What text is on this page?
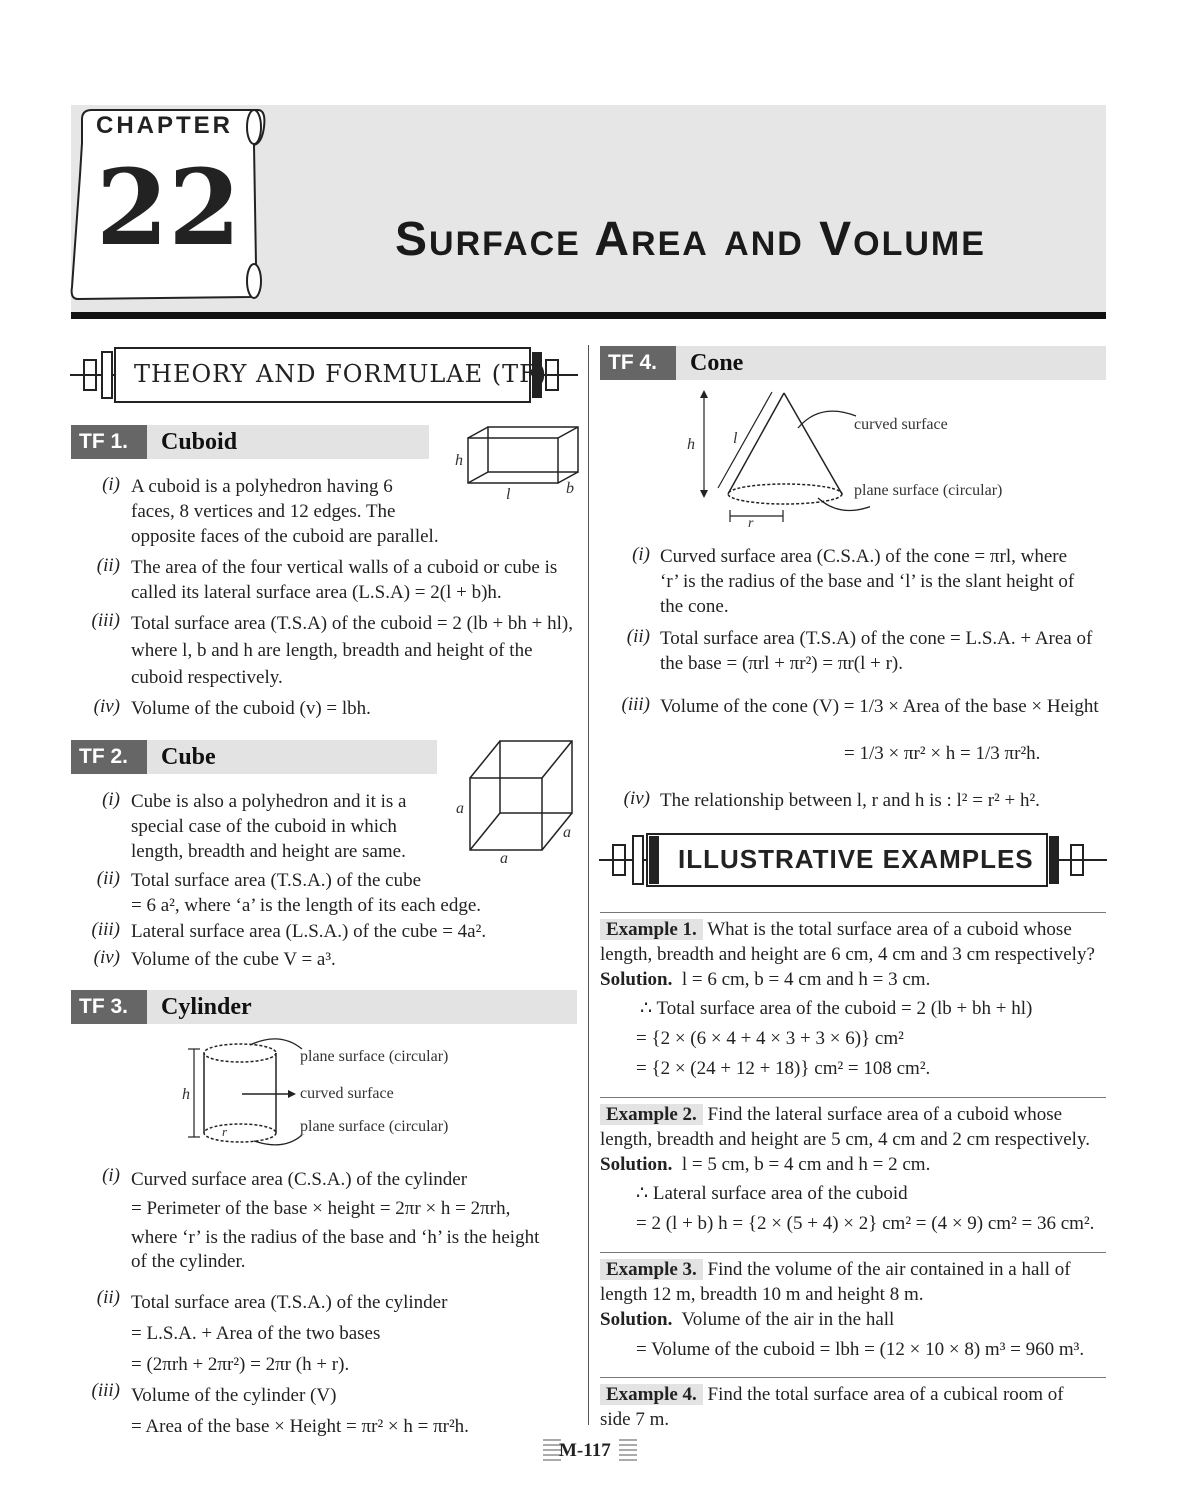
CHAPTER
22	Surface Area and Volume
THEORY AND FORMULAE (TF)
TF 1.	Cuboid
h
l	b
(i) A cuboid is a polyhedron having 6
faces, 8 vertices and 12 edges. The
opposite faces of the cuboid are parallel.
(ii) The area of the four vertical walls of a cuboid or cube is
called its lateral surface area (L.S.A) = 2(l + b)h.
(iii) Total surface area (T.S.A) of the cuboid = 2 (lb + bh + hl),
where l, b and h are length, breadth and height of the
cuboid respectively.
(iv) Volume of the cuboid (v) = lbh.
TF 2.	Cube
a
a
a
(i) Cube is also a polyhedron and it is a
special case of the cuboid in which
length, breadth and height are same.
(ii) Total surface area (T.S.A.) of the cube
= 6 a², where ‘a’ is the length of its each edge.
(iii) Lateral surface area (L.S.A.) of the cube = 4a².
(iv) Volume of the cube V = a³.
TF 3.	Cylinder
h
r
plane surface (circular)
curved surface
plane surface (circular)
(i) Curved surface area (C.S.A.) of the cylinder
= Perimeter of the base × height = 2πr × h = 2πrh,
where ‘r’ is the radius of the base and ‘h’ is the height
of the cylinder.
(ii) Total surface area (T.S.A.) of the cylinder
= L.S.A. + Area of the two bases
= (2πrh + 2πr²) = 2πr (h + r).
(iii) Volume of the cylinder (V)
= Area of the base × Height = πr² × h = πr²h.
TF 4.	Cone
h l
r
curved surface
plane surface (circular)
(i) Curved surface area (C.S.A.) of the cone = πrl, where
‘r’ is the radius of the base and ‘l’ is the slant height of
the cone.
(ii) Total surface area (T.S.A) of the cone = L.S.A. + Area of
the base = (πrl + πr²) = πr(l + r).
(iii) Volume of the cone (V) = 1/3 × Area of the base × Height
= 1/3 × πr² × h = 1/3 πr²h.
(iv) The relationship between l, r and h is : l² = r² + h².
ILLUSTRATIVE EXAMPLES
Example 1. What is the total surface area of a cuboid whose
length, breadth and height are 6 cm, 4 cm and 3 cm respectively?
Solution. l = 6 cm, b = 4 cm and h = 3 cm.
∴ Total surface area of the cuboid = 2 (lb + bh + hl)
= {2 × (6 × 4 + 4 × 3 + 3 × 6)} cm²
= {2 × (24 + 12 + 18)} cm² = 108 cm².
Example 2. Find the lateral surface area of a cuboid whose
length, breadth and height are 5 cm, 4 cm and 2 cm respectively.
Solution. l = 5 cm, b = 4 cm and h = 2 cm.
∴ Lateral surface area of the cuboid
= 2 (l + b) h = {2 × (5 + 4) × 2} cm² = (4 × 9) cm² = 36 cm².
Example 3. Find the volume of the air contained in a hall of
length 12 m, breadth 10 m and height 8 m.
Solution. Volume of the air in the hall
= Volume of the cuboid = lbh = (12 × 10 × 8) m³ = 960 m³.
Example 4. Find the total surface area of a cubical room of
side 7 m.
M-117
